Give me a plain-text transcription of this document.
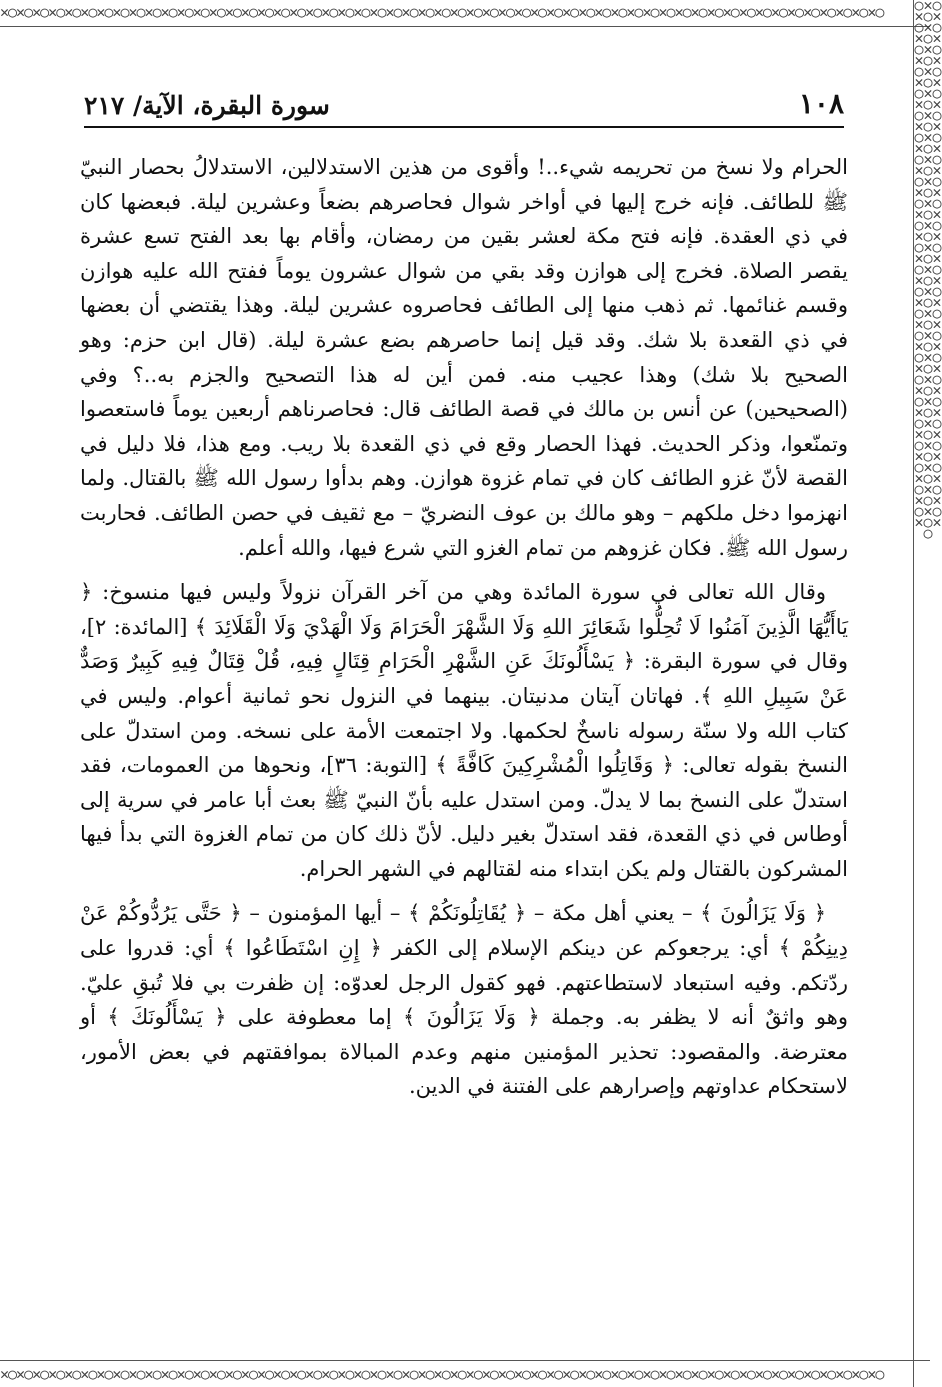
✕○✕○✕○✕○✕○✕○✕○✕○✕○✕○✕○✕○✕○✕○✕○✕○✕○✕○✕○✕○✕○✕○✕○✕○✕○✕○✕○✕○✕○✕○✕○✕○✕○✕○✕○✕○✕○✕○✕○✕○✕○✕○✕○✕○✕○✕○✕○✕○✕○✕○✕○✕○✕○✕○✕○	○✕○✕○✕○✕○✕○✕○✕○✕○✕○✕○✕○✕○✕○✕○✕○✕○✕○✕○✕○✕○✕○✕○✕○✕○✕○✕○✕○✕○✕○✕○✕○✕○✕○✕○✕○✕○✕○✕○✕○✕○✕○✕○✕○✕○✕○✕○✕○✕○✕○✕○✕○✕○✕○✕○✕○✕○✕○✕○✕○✕○✕○✕○✕○✕○✕○✕○✕○✕○✕○✕○✕○✕○
✕○✕○✕○✕○✕○✕○✕○✕○✕○✕○✕○✕○✕○✕○✕○✕○✕○✕○✕○✕○✕○✕○✕○✕○✕○✕○✕○✕○✕○✕○✕○✕○✕○✕○✕○✕○✕○✕○✕○✕○✕○✕○✕○✕○✕○✕○✕○✕○✕○✕○✕○✕○✕○✕○✕○
١٠٨
سورة البقرة، الآية/ ٢١٧

الحرام ولا نسخ من تحريمه شيء..! وأقوى من هذين الاستدلالين، الاستدلالُ بحصار النبيّ ﷺ للطائف. فإنه خرج إليها في أواخر شوال فحاصرهم بضعاً وعشرين ليلة. فبعضها كان في ذي العقدة. فإنه فتح مكة لعشر بقين من رمضان، وأقام بها بعد الفتح تسع عشرة يقصر الصلاة. فخرج إلى هوازن وقد بقي من شوال عشرون يوماً ففتح الله عليه هوازن وقسم غنائمها. ثم ذهب منها إلى الطائف فحاصروه عشرين ليلة. وهذا يقتضي أن بعضها في ذي القعدة بلا شك. وقد قيل إنما حاصرهم بضع عشرة ليلة. (قال ابن حزم: وهو الصحيح بلا شك) وهذا عجيب منه. فمن أين له هذا التصحيح والجزم به..؟ وفي (الصحيحين) عن أنس بن مالك في قصة الطائف قال: فحاصرناهم أربعين يوماً فاستعصوا وتمنّعوا، وذكر الحديث. فهذا الحصار وقع في ذي القعدة بلا ريب. ومع هذا، فلا دليل في القصة لأنّ غزو الطائف كان في تمام غزوة هوازن. وهم بدأوا رسول الله ﷺ بالقتال. ولما انهزموا دخل ملكهم – وهو مالك بن عوف النضريّ – مع ثقيف في حصن الطائف. فحاربت رسول الله ﷺ. فكان غزوهم من تمام الغزو التي شرع فيها، والله أعلم.

وقال الله تعالى في سورة المائدة وهي من آخر القرآن نزولاً وليس فيها منسوخ: ﴿ يَاأَيُّهَا الَّذِينَ آمَنُوا لَا تُحِلُّوا شَعَائِرَ اللهِ وَلَا الشَّهْرَ الْحَرَامَ وَلَا الْهَدْيَ وَلَا الْقَلَائِدَ ﴾ [المائدة: ٢]، وقال في سورة البقرة: ﴿ يَسْأَلُونَكَ عَنِ الشَّهْرِ الْحَرَامِ قِتَالٍ فِيهِ، قُلْ قِتَالٌ فِيهِ كَبِيرٌ وَصَدٌّ عَنْ سَبِيلِ اللهِ ﴾. فهاتان آيتان مدنيتان. بينهما في النزول نحو ثمانية أعوام. وليس في كتاب الله ولا سنّة رسوله ناسخٌ لحكمها. ولا اجتمعت الأمة على نسخه. ومن استدلّ على النسخ بقوله تعالى: ﴿ وَقَاتِلُوا الْمُشْرِكِينَ كَافَّةً ﴾ [التوبة: ٣٦]، ونحوها من العمومات، فقد استدلّ على النسخ بما لا يدلّ. ومن استدل عليه بأنّ النبيّ ﷺ بعث أبا عامر في سرية إلى أوطاس في ذي القعدة، فقد استدلّ بغير دليل. لأنّ ذلك كان من تمام الغزوة التي بدأ فيها المشركون بالقتال ولم يكن ابتداء منه لقتالهم في الشهر الحرام.

﴿ وَلَا يَزَالُونَ ﴾ – يعني أهل مكة – ﴿ يُقَاتِلُونَكُمْ ﴾ – أيها المؤمنون – ﴿ حَتَّى يَرُدُّوكُمْ عَنْ دِينِكُمْ ﴾ أي: يرجعوكم عن دينكم الإسلام إلى الكفر ﴿ إِنِ اسْتَطَاعُوا ﴾ أي: قدروا على ردّتكم. وفيه استبعاد لاستطاعتهم. فهو كقول الرجل لعدوّه: إن ظفرت بي فلا تُبقِ عليّ. وهو واثقٌ أنه لا يظفر به. وجملة ﴿ وَلَا يَزَالُونَ ﴾ إما معطوفة على ﴿ يَسْأَلُونَكَ ﴾ أو معترضة. والمقصود: تحذير المؤمنين منهم وعدم المبالاة بموافقتهم في بعض الأمور، لاستحكام عداوتهم وإصرارهم على الفتنة في الدين.
